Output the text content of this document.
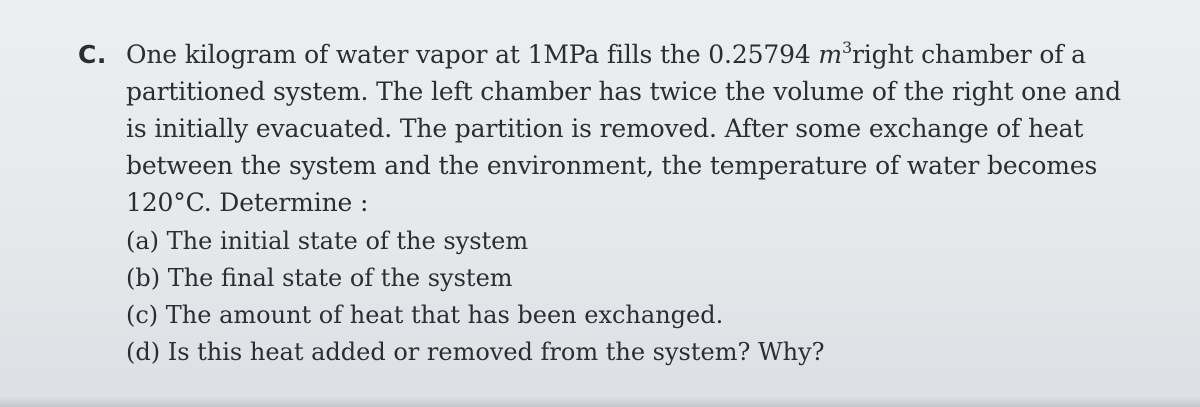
C. One kilogram of water vapor at 1MPa fills the 0.25794 $m^3right$ chamber of a
partitioned system. The left chamber has twice the volume of the right one and
is initially evacuated. The partition is removed. After some exchange of heat
between the system and the environment, the temperature of water becomes
120°C. Determine :
(a) The initial state of the system
(b) The final state of the system
(c) The amount of heat that has been exchanged.
(d) Is this heat added or removed from the system? Why?
